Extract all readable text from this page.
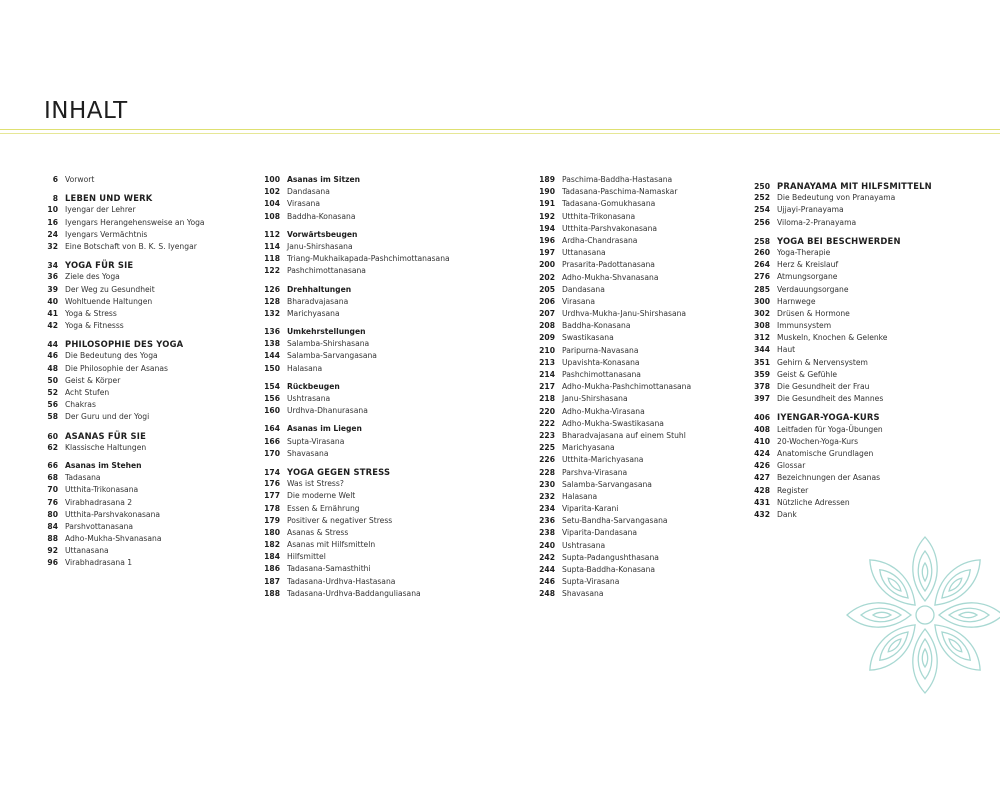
INHALT
6 Vorwort
8 LEBEN UND WERK
10 Iyengar der Lehrer
16 Iyengars Herangehensweise an Yoga
24 Iyengars Vermächtnis
32 Eine Botschaft von B. K. S. Iyengar
34 YOGA FÜR SIE
36 Ziele des Yoga
39 Der Weg zu Gesundheit
40 Wohltuende Haltungen
41 Yoga & Stress
42 Yoga & Fitnesss
44 PHILOSOPHIE DES YOGA
46 Die Bedeutung des Yoga
48 Die Philosophie der Asanas
50 Geist & Körper
52 Acht Stufen
56 Chakras
58 Der Guru und der Yogi
60 ASANAS FÜR SIE
62 Klassische Haltungen
66 Asanas im Stehen
68 Tadasana
70 Utthita-Trikonasana
76 Virabhadrasana 2
80 Utthita-Parshvakonasana
84 Parshvottanasana
88 Adho-Mukha-Shvanasana
92 Uttanasana
96 Virabhadrasana 1
100 Asanas im Sitzen
102 Dandasana
104 Virasana
108 Baddha-Konasana
112 Vorwärtsbeugen
114 Janu-Shirshasana
118 Triang-Mukhaikapada-Pashchimottanasana
122 Pashchimottanasana
126 Drehhaltungen
128 Bharadvajasana
132 Marichyasana
136 Umkehrstellungen
138 Salamba-Shirshasana
144 Salamba-Sarvangasana
150 Halasana
154 Rückbeugen
156 Ushtrasana
160 Urdhva-Dhanurasana
164 Asanas im Liegen
166 Supta-Virasana
170 Shavasana
174 YOGA GEGEN STRESS
176 Was ist Stress?
177 Die moderne Welt
178 Essen & Ernährung
179 Positiver & negativer Stress
180 Asanas & Stress
182 Asanas mit Hilfsmitteln
184 Hilfsmittel
186 Tadasana-Samasthithi
187 Tadasana-Urdhva-Hastasana
188 Tadasana-Urdhva-Baddanguliasana
189 Paschima-Baddha-Hastasana
190 Tadasana-Paschima-Namaskar
191 Tadasana-Gomukhasana
192 Utthita-Trikonasana
194 Utthita-Parshvakonasana
196 Ardha-Chandrasana
197 Uttanasana
200 Prasarita-Padottanasana
202 Adho-Mukha-Shvanasana
205 Dandasana
206 Virasana
207 Urdhva-Mukha-Janu-Shirshasana
208 Baddha-Konasana
209 Swastikasana
210 Paripurna-Navasana
213 Upavishta-Konasana
214 Pashchimottanasana
217 Adho-Mukha-Pashchimottanasana
218 Janu-Shirshasana
220 Adho-Mukha-Virasana
222 Adho-Mukha-Swastikasana
223 Bharadvajasana auf einem Stuhl
225 Marichyasana
226 Utthita-Marichyasana
228 Parshva-Virasana
230 Salamba-Sarvangasana
232 Halasana
234 Viparita-Karani
236 Setu-Bandha-Sarvangasana
238 Viparita-Dandasana
240 Ushtrasana
242 Supta-Padangushthasana
244 Supta-Baddha-Konasana
246 Supta-Virasana
248 Shavasana
250 PRANAYAMA MIT HILFSMITTELN
252 Die Bedeutung von Pranayama
254 Ujjayi-Pranayama
256 Viloma-2-Pranayama
258 YOGA BEI BESCHWERDEN
260 Yoga-Therapie
264 Herz & Kreislauf
276 Atmungsorgane
285 Verdauungsorgane
300 Harnwege
302 Drüsen & Hormone
308 Immunsystem
312 Muskeln, Knochen & Gelenke
344 Haut
351 Gehirn & Nervensystem
359 Geist & Gefühle
378 Die Gesundheit der Frau
397 Die Gesundheit des Mannes
406 IYENGAR-YOGA-KURS
408 Leitfaden für Yoga-Übungen
410 20-Wochen-Yoga-Kurs
424 Anatomische Grundlagen
426 Glossar
427 Bezeichnungen der Asanas
428 Register
431 Nützliche Adressen
432 Dank
